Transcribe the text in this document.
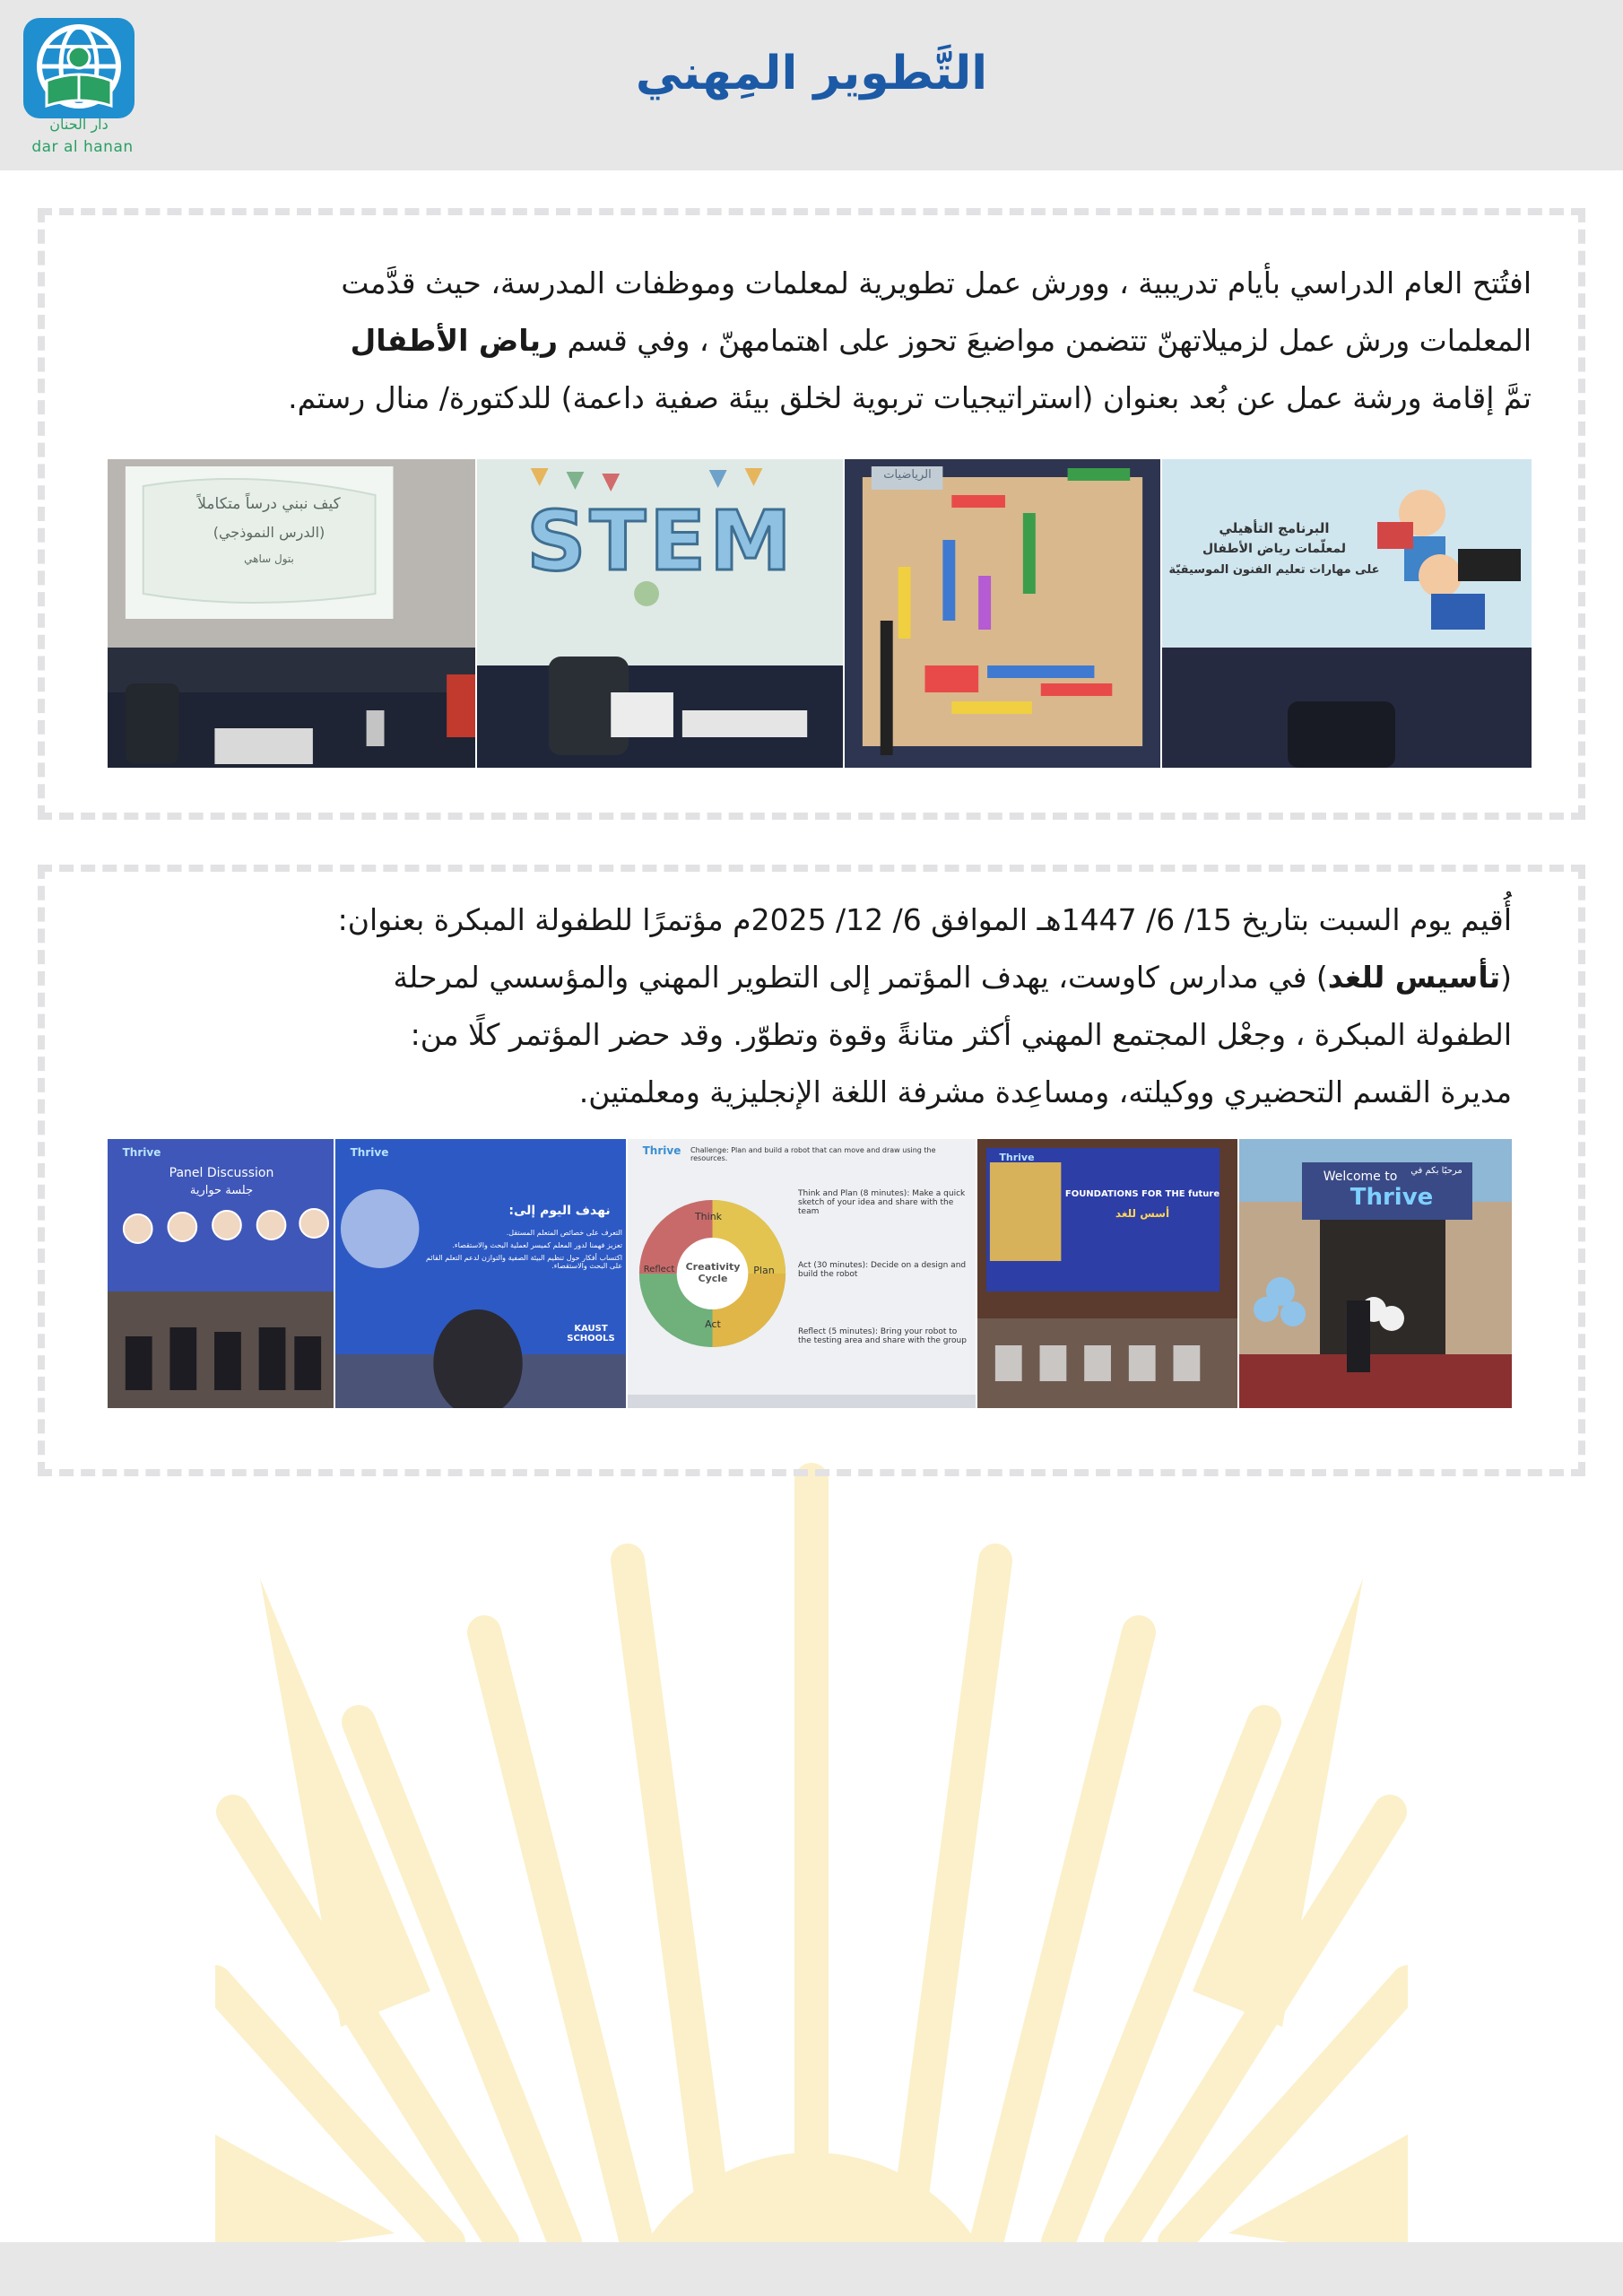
التَّطوير المِهني
دار الحنان
dar al hanan
افتُتح العام الدراسي بأيام تدريبية ، وورش عمل تطويرية لمعلمات وموظفات المدرسة، حيث قدَّمت
المعلمات ورش عمل لزميلاتهنّ تتضمن مواضيعَ تحوز على اهتمامهنّ ، وفي قسم رياض الأطفال
تمَّ إقامة ورشة عمل عن بُعد بعنوان (استراتيجيات تربوية لخلق بيئة صفية داعمة) للدكتورة/ منال رستم.
كيف نبني درساً متكاملاً
(الدرس النموذجي)
بتول ساهي	STEM
الرياضيات
البرنامج التأهيلي
لمعلّمات رياض الأطفال
على مهارات تعليم الفنون الموسيقيّة
أُقيم يوم السبت بتاريخ 15/ 6/ 1447هـ الموافق 6/ 12/ 2025م مؤتمرًا للطفولة المبكرة بعنوان:
(تأسيس للغد) في مدارس كاوست، يهدف المؤتمر إلى التطوير المهني والمؤسسي لمرحلة
الطفولة المبكرة ، وجعْل المجتمع المهني أكثر متانةً وقوة وتطوّر. وقد حضر المؤتمر كلًا من:
مديرة القسم التحضيري ووكيلته، ومساعِدة مشرفة اللغة الإنجليزية ومعلمتين.
Thrive
Panel Discussion
جلسة حوارية
Thrive
نهدف اليوم إلى:
التعرف على خصائص المتعلم المستقل.
تعزيز فهمنا لدور المعلم كميسر لعملية البحث والاستقصاء.
اكتساب أفكار حول تنظيم البيئة الصفية والتوازن لدعم التعلم القائم على البحث والاستقصاء.
KAUST SCHOOLS
Thrive	Challenge: Plan and build a robot that can move and draw using the resources.
Creativity Cycle
Think
Plan
Act
Reflect
Think and Plan (8 minutes): Make a quick sketch of your idea and share with the team
Act (30 minutes): Decide on a design and build the robot
Reflect (5 minutes): Bring your robot to the testing area and share with the group
Thrive
FOUNDATIONS FOR THE future
أسس للغد
Welcome to	مرحبًا بكم في
Thrive
